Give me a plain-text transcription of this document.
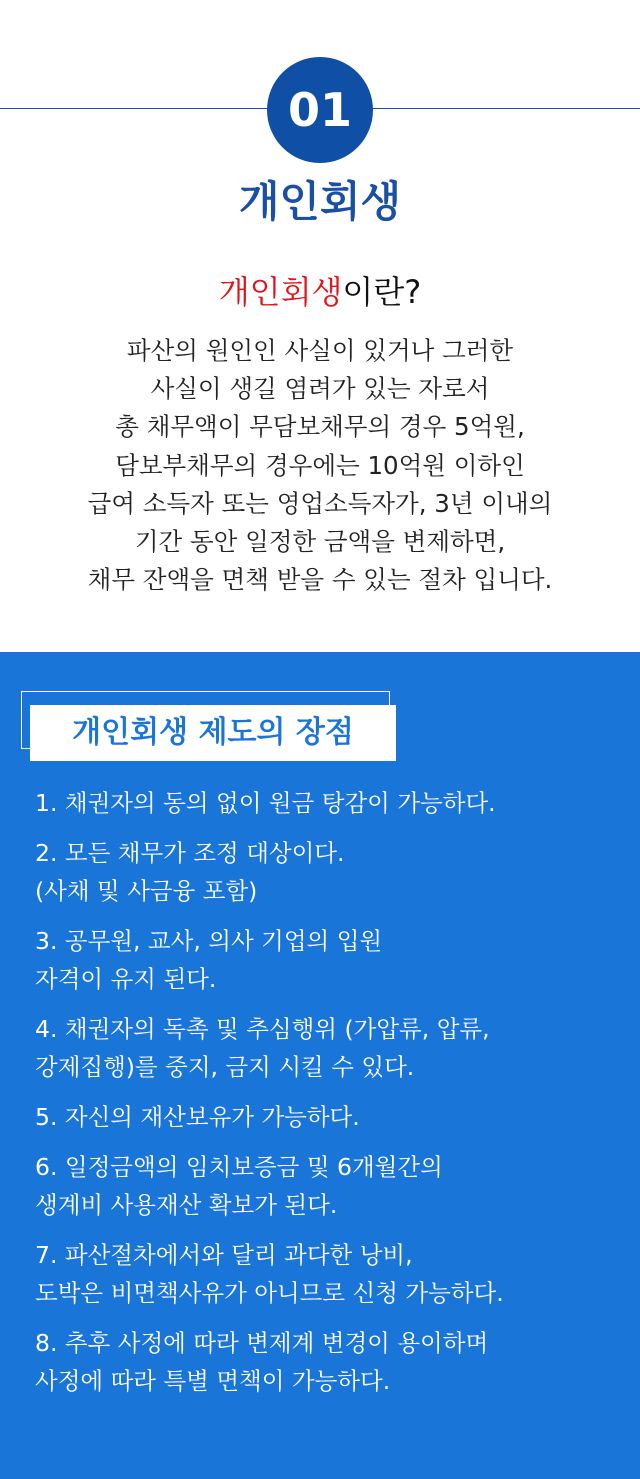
01
개인회생
개인회생이란?
파산의 원인인 사실이 있거나 그러한
사실이 생길 염려가 있는 자로서
총 채무액이 무담보채무의 경우 5억원,
담보부채무의 경우에는 10억원 이하인
급여 소득자 또는 영업소득자가, 3년 이내의
기간 동안 일정한 금액을 변제하면,
채무 잔액을 면책 받을 수 있는 절차 입니다.
개인회생 제도의 장점
1. 채권자의 동의 없이 원금 탕감이 가능하다.
2. 모든 채무가 조정 대상이다.
(사채 및 사금융 포함)
3. 공무원, 교사, 의사 기업의 입원
자격이 유지 된다.
4. 채권자의 독촉 및 추심행위 (가압류, 압류,
강제집행)를 중지, 금지 시킬 수 있다.
5. 자신의 재산보유가 가능하다.
6. 일정금액의 임치보증금 및 6개월간의
생계비 사용재산 확보가 된다.
7. 파산절차에서와 달리 과다한 낭비,
도박은 비면책사유가 아니므로 신청 가능하다.
8. 추후 사정에 따라 변제계 변경이 용이하며
사정에 따라 특별 면책이 가능하다.
